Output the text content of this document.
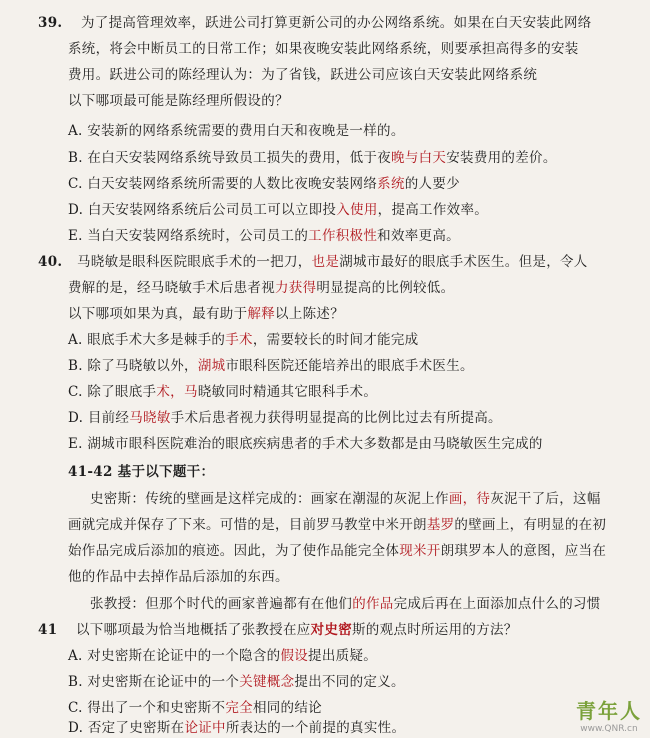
39. 为了提高管理效率，跃进公司打算更新公司的办公网络系统。如果在白天安装此网络
系统，将会中断员工的日常工作；如果夜晚安装此网络系统，则要承担高得多的安装
费用。跃进公司的陈经理认为：为了省钱，跃进公司应该白天安装此网络系统
以下哪项最可能是陈经理所假设的？
A. 安装新的网络系统需要的费用白天和夜晚是一样的。
B. 在白天安装网络系统导致员工损失的费用，低于夜晚与白天安装费用的差价。
C. 白天安装网络系统所需要的人数比夜晚安装网络系统的人要少
D. 白天安装网络系统后公司员工可以立即投入使用，提高工作效率。
E. 当白天安装网络系统时，公司员工的工作积极性和效率更高。
40. 马晓敏是眼科医院眼底手术的一把刀，也是湖城市最好的眼底手术医生。但是，令人
费解的是，经马晓敏手术后患者视力获得明显提高的比例较低。
以下哪项如果为真，最有助于解释以上陈述？
A. 眼底手术大多是棘手的手术，需要较长的时间才能完成
B. 除了马晓敏以外，湖城市眼科医院还能培养出的眼底手术医生。
C. 除了眼底手术，马晓敏同时精通其它眼科手术。
D. 目前经马晓敏手术后患者视力获得明显提高的比例比过去有所提高。
E. 湖城市眼科医院难治的眼底疾病患者的手术大多数都是由马晓敏医生完成的
41-42 基于以下题干：
史密斯：传统的壁画是这样完成的：画家在潮湿的灰泥上作画，待灰泥干了后，这幅
画就完成并保存了下来。可惜的是，目前罗马教堂中米开朗基罗的壁画上，有明显的在初
始作品完成后添加的痕迹。因此，为了使作品能完全体现米开朗琪罗本人的意图，应当在
他的作品中去掉作品后添加的东西。
张教授：但那个时代的画家普遍都有在他们的作品完成后再在上面添加点什么的习惯
41 以下哪项最为恰当地概括了张教授在应对史密斯的观点时所运用的方法？
A. 对史密斯在论证中的一个隐含的假设提出质疑。
B. 对史密斯在论证中的一个关键概念提出不同的定义。
C. 得出了一个和史密斯不完全相同的结论
D. 否定了史密斯在论证中所表达的一个前提的真实性。
青年人
www.QNR.cn
